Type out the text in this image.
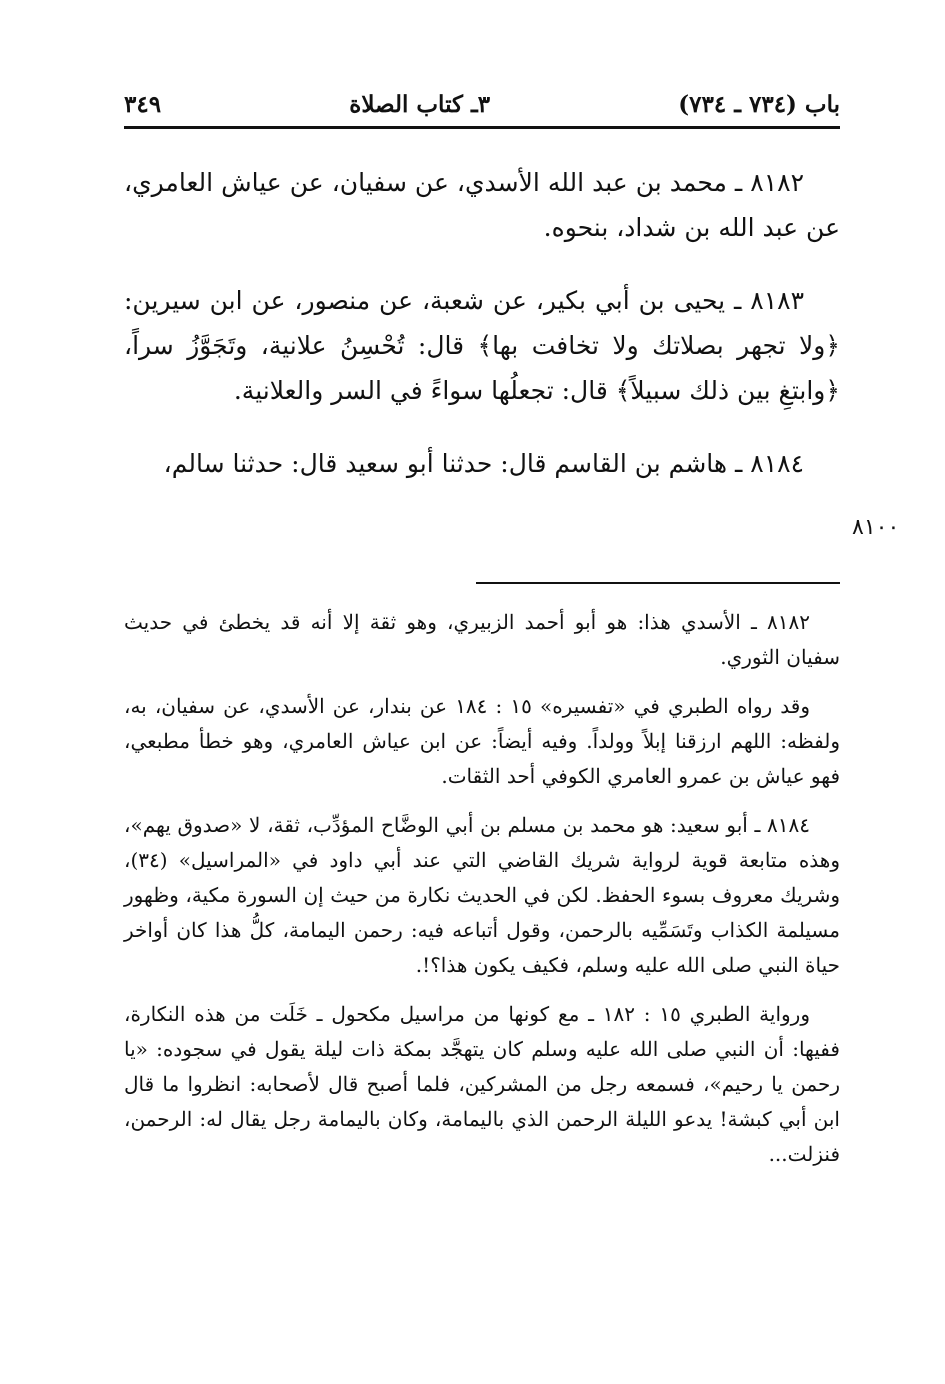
باب (٧٣٤ ـ ٧٣٤)
٣ـ كتاب الصلاة
٣٤٩

٨١٨٢ ـ محمد بن عبد الله الأسدي، عن سفيان، عن عياش العامري، عن عبد الله بن شداد، بنحوه.

٨١٨٣ ـ يحيى بن أبي بكير، عن شعبة، عن منصور، عن ابن سيرين: ﴿ولا تجهر بصلاتك ولا تخافت بها﴾ قال: تُحْسِنُ علانية، وتَجَوَّزُ سراً، ﴿وابتغِ بين ذلك سبيلاً﴾ قال: تجعلُها سواءً في السر والعلانية.

٨١٨٤ ـ هاشم بن القاسم قال: حدثنا أبو سعيد قال: حدثنا سالم،

٨١٠٠

٨١٨٢ ـ الأسدي هذا: هو أبو أحمد الزبيري، وهو ثقة إلا أنه قد يخطئ في حديث سفيان الثوري.

وقد رواه الطبري في «تفسيره» ١٥ : ١٨٤ عن بندار، عن الأسدي، عن سفيان، به، ولفظه: اللهم ارزقنا إبلاً وولداً. وفيه أيضاً: عن ابن عياش العامري، وهو خطأ مطبعي، فهو عياش بن عمرو العامري الكوفي أحد الثقات.

٨١٨٤ ـ أبو سعيد: هو محمد بن مسلم بن أبي الوضَّاح المؤدِّب، ثقة، لا «صدوق يهم»، وهذه متابعة قوية لرواية شريك القاضي التي عند أبي داود في «المراسيل» (٣٤)، وشريك معروف بسوء الحفظ. لكن في الحديث نكارة من حيث إن السورة مكية، وظهور مسيلمة الكذاب وتَسَمِّيه بالرحمن، وقول أتباعه فيه: رحمن اليمامة، كلُّ هذا كان أواخر حياة النبي صلى الله عليه وسلم، فكيف يكون هذا؟!.

ورواية الطبري ١٥ : ١٨٢ ـ مع كونها من مراسيل مكحول ـ خَلَت من هذه النكارة، ففيها: أن النبي صلى الله عليه وسلم كان يتهجَّد بمكة ذات ليلة يقول في سجوده: «يا رحمن يا رحيم»، فسمعه رجل من المشركين، فلما أصبح قال لأصحابه: انظروا ما قال ابن أبي كبشة! يدعو الليلة الرحمن الذي باليمامة، وكان باليمامة رجل يقال له: الرحمن، فنزلت...
